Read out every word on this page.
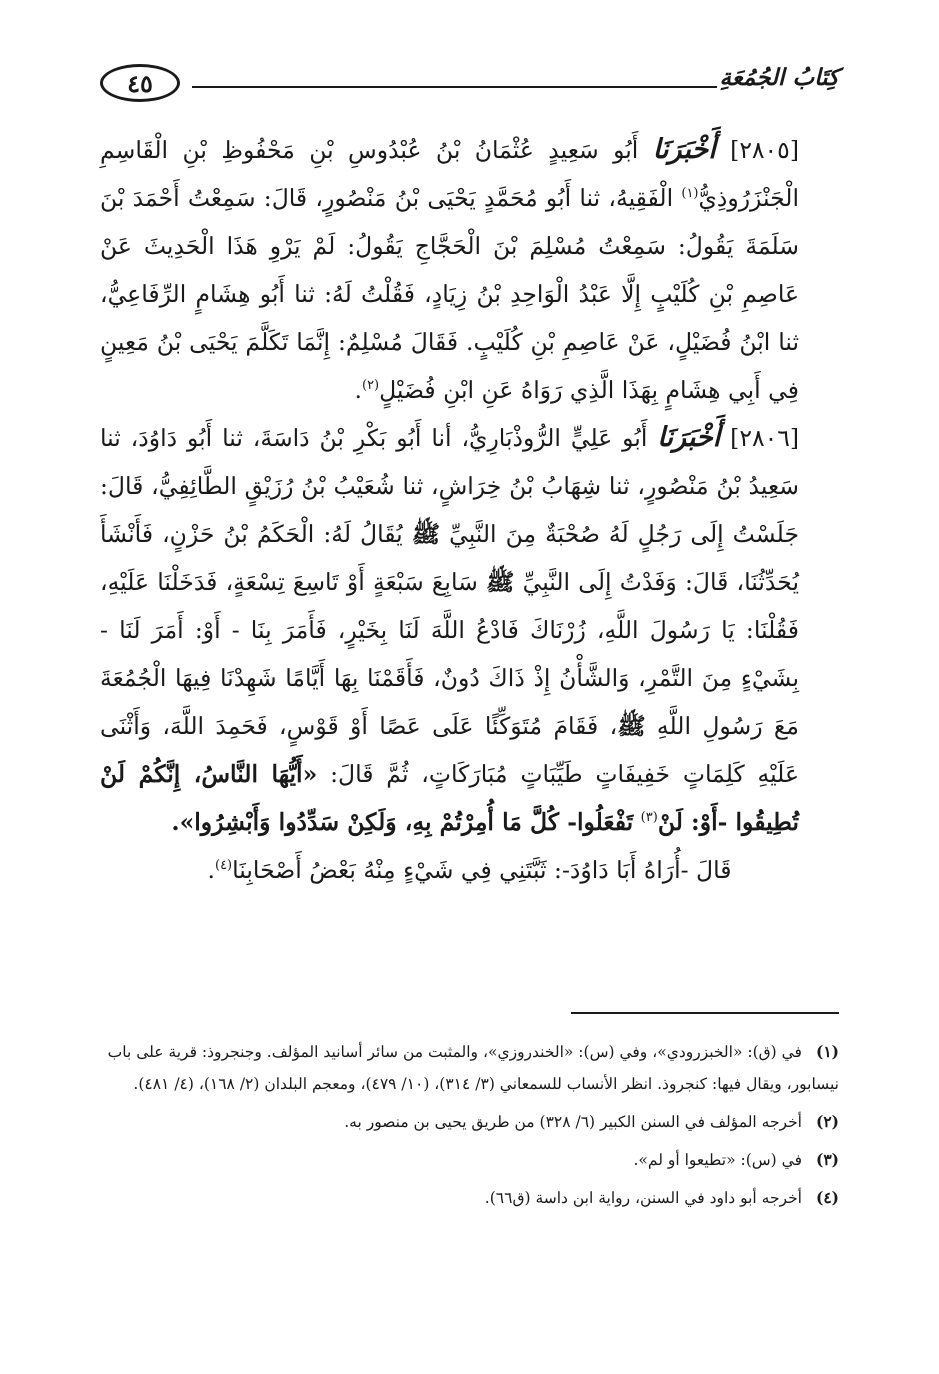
٤٥	كِتَابُ الجُمُعَةِ

[٢٨٠٥] أَخْبَرَنَا أَبُو سَعِيدٍ عُثْمَانُ بْنُ عُبْدُوسِ بْنِ مَحْفُوظِ بْنِ الْقَاسِمِ الْجَنْزَرُوذِيُّ$^{(١)}$ الْفَقِيهُ، ثنا أَبُو مُحَمَّدٍ يَحْيَى بْنُ مَنْصُورٍ، قَالَ: سَمِعْتُ أَحْمَدَ بْنَ سَلَمَةَ يَقُولُ: سَمِعْتُ مُسْلِمَ بْنَ الْحَجَّاجِ يَقُولُ: لَمْ يَرْوِ هَذَا الْحَدِيثَ عَنْ عَاصِمِ بْنِ كُلَيْبٍ إِلَّا عَبْدُ الْوَاحِدِ بْنُ زِيَادٍ، فَقُلْتُ لَهُ: ثنا أَبُو هِشَامٍ الرِّفَاعِيُّ، ثنا ابْنُ فُضَيْلٍ، عَنْ عَاصِمِ بْنِ كُلَيْبٍ. فَقَالَ مُسْلِمٌ: إِنَّمَا تَكَلَّمَ يَحْيَى بْنُ مَعِينٍ فِي أَبِي هِشَامٍ بِهَذَا الَّذِي رَوَاهُ عَنِ ابْنِ فُضَيْلٍ$^{(٢)}$.

[٢٨٠٦] أَخْبَرَنَا أَبُو عَلِيٍّ الرُّوذْبَارِيُّ، أنا أَبُو بَكْرِ بْنُ دَاسَةَ، ثنا أَبُو دَاوُدَ، ثنا سَعِيدُ بْنُ مَنْصُورٍ، ثنا شِهَابُ بْنُ خِرَاشٍ، ثنا شُعَيْبُ بْنُ رُزَيْقٍ الطَّائِفِيُّ، قَالَ: جَلَسْتُ إِلَى رَجُلٍ لَهُ صُحْبَةٌ مِنَ النَّبِيِّ ﷺ يُقَالُ لَهُ: الْحَكَمُ بْنُ حَزْنٍ، فَأَنْشَأَ يُحَدِّثُنَا، قَالَ: وَفَدْتُ إِلَى النَّبِيِّ ﷺ سَابِعَ سَبْعَةٍ أَوْ تَاسِعَ تِسْعَةٍ، فَدَخَلْنَا عَلَيْهِ، فَقُلْنَا: يَا رَسُولَ اللَّهِ، زُرْنَاكَ فَادْعُ اللَّهَ لَنَا بِخَيْرٍ، فَأَمَرَ بِنَا - أَوْ: أَمَرَ لَنَا - بِشَيْءٍ مِنَ التَّمْرِ، وَالشَّأْنُ إِذْ ذَاكَ دُونٌ، فَأَقَمْنَا بِهَا أَيَّامًا شَهِدْنَا فِيهَا الْجُمُعَةَ مَعَ رَسُولِ اللَّهِ ﷺ، فَقَامَ مُتَوَكِّئًا عَلَى عَصًا أَوْ قَوْسٍ، فَحَمِدَ اللَّهَ، وَأَثْنَى عَلَيْهِ كَلِمَاتٍ خَفِيفَاتٍ طَيِّبَاتٍ مُبَارَكَاتٍ، ثُمَّ قَالَ: «أَيُّهَا النَّاسُ، إِنَّكُمْ لَنْ تُطِيقُوا -أَوْ: لَنْ$^{(٣)}$ تَفْعَلُوا- كُلَّ مَا أُمِرْتُمْ بِهِ، وَلَكِنْ سَدِّدُوا وَأَبْشِرُوا».

قَالَ -أُرَاهُ أَبَا دَاوُدَ-: ثَبَّتَنِي فِي شَيْءٍ مِنْهُ بَعْضُ أَصْحَابِنَا$^{(٤)}$.

(١)في (ق): «الخبزرودي»، وفي (س): «الخندروزي»، والمثبت من سائر أسانيد المؤلف. وجنجروذ: قرية على باب نيسابور، ويقال فيها: كنجروذ. انظر الأنساب للسمعاني (٣/ ٣١٤)، (١٠/ ٤٧٩)، ومعجم البلدان (٢/ ١٦٨)، (٤/ ٤٨١).

(٢)أخرجه المؤلف في السنن الكبير (٦/ ٣٢٨) من طريق يحيى بن منصور به.

(٣)في (س): «تطيعوا أو لم».

(٤)أخرجه أبو داود في السنن، رواية ابن داسة (ق٦٦).
